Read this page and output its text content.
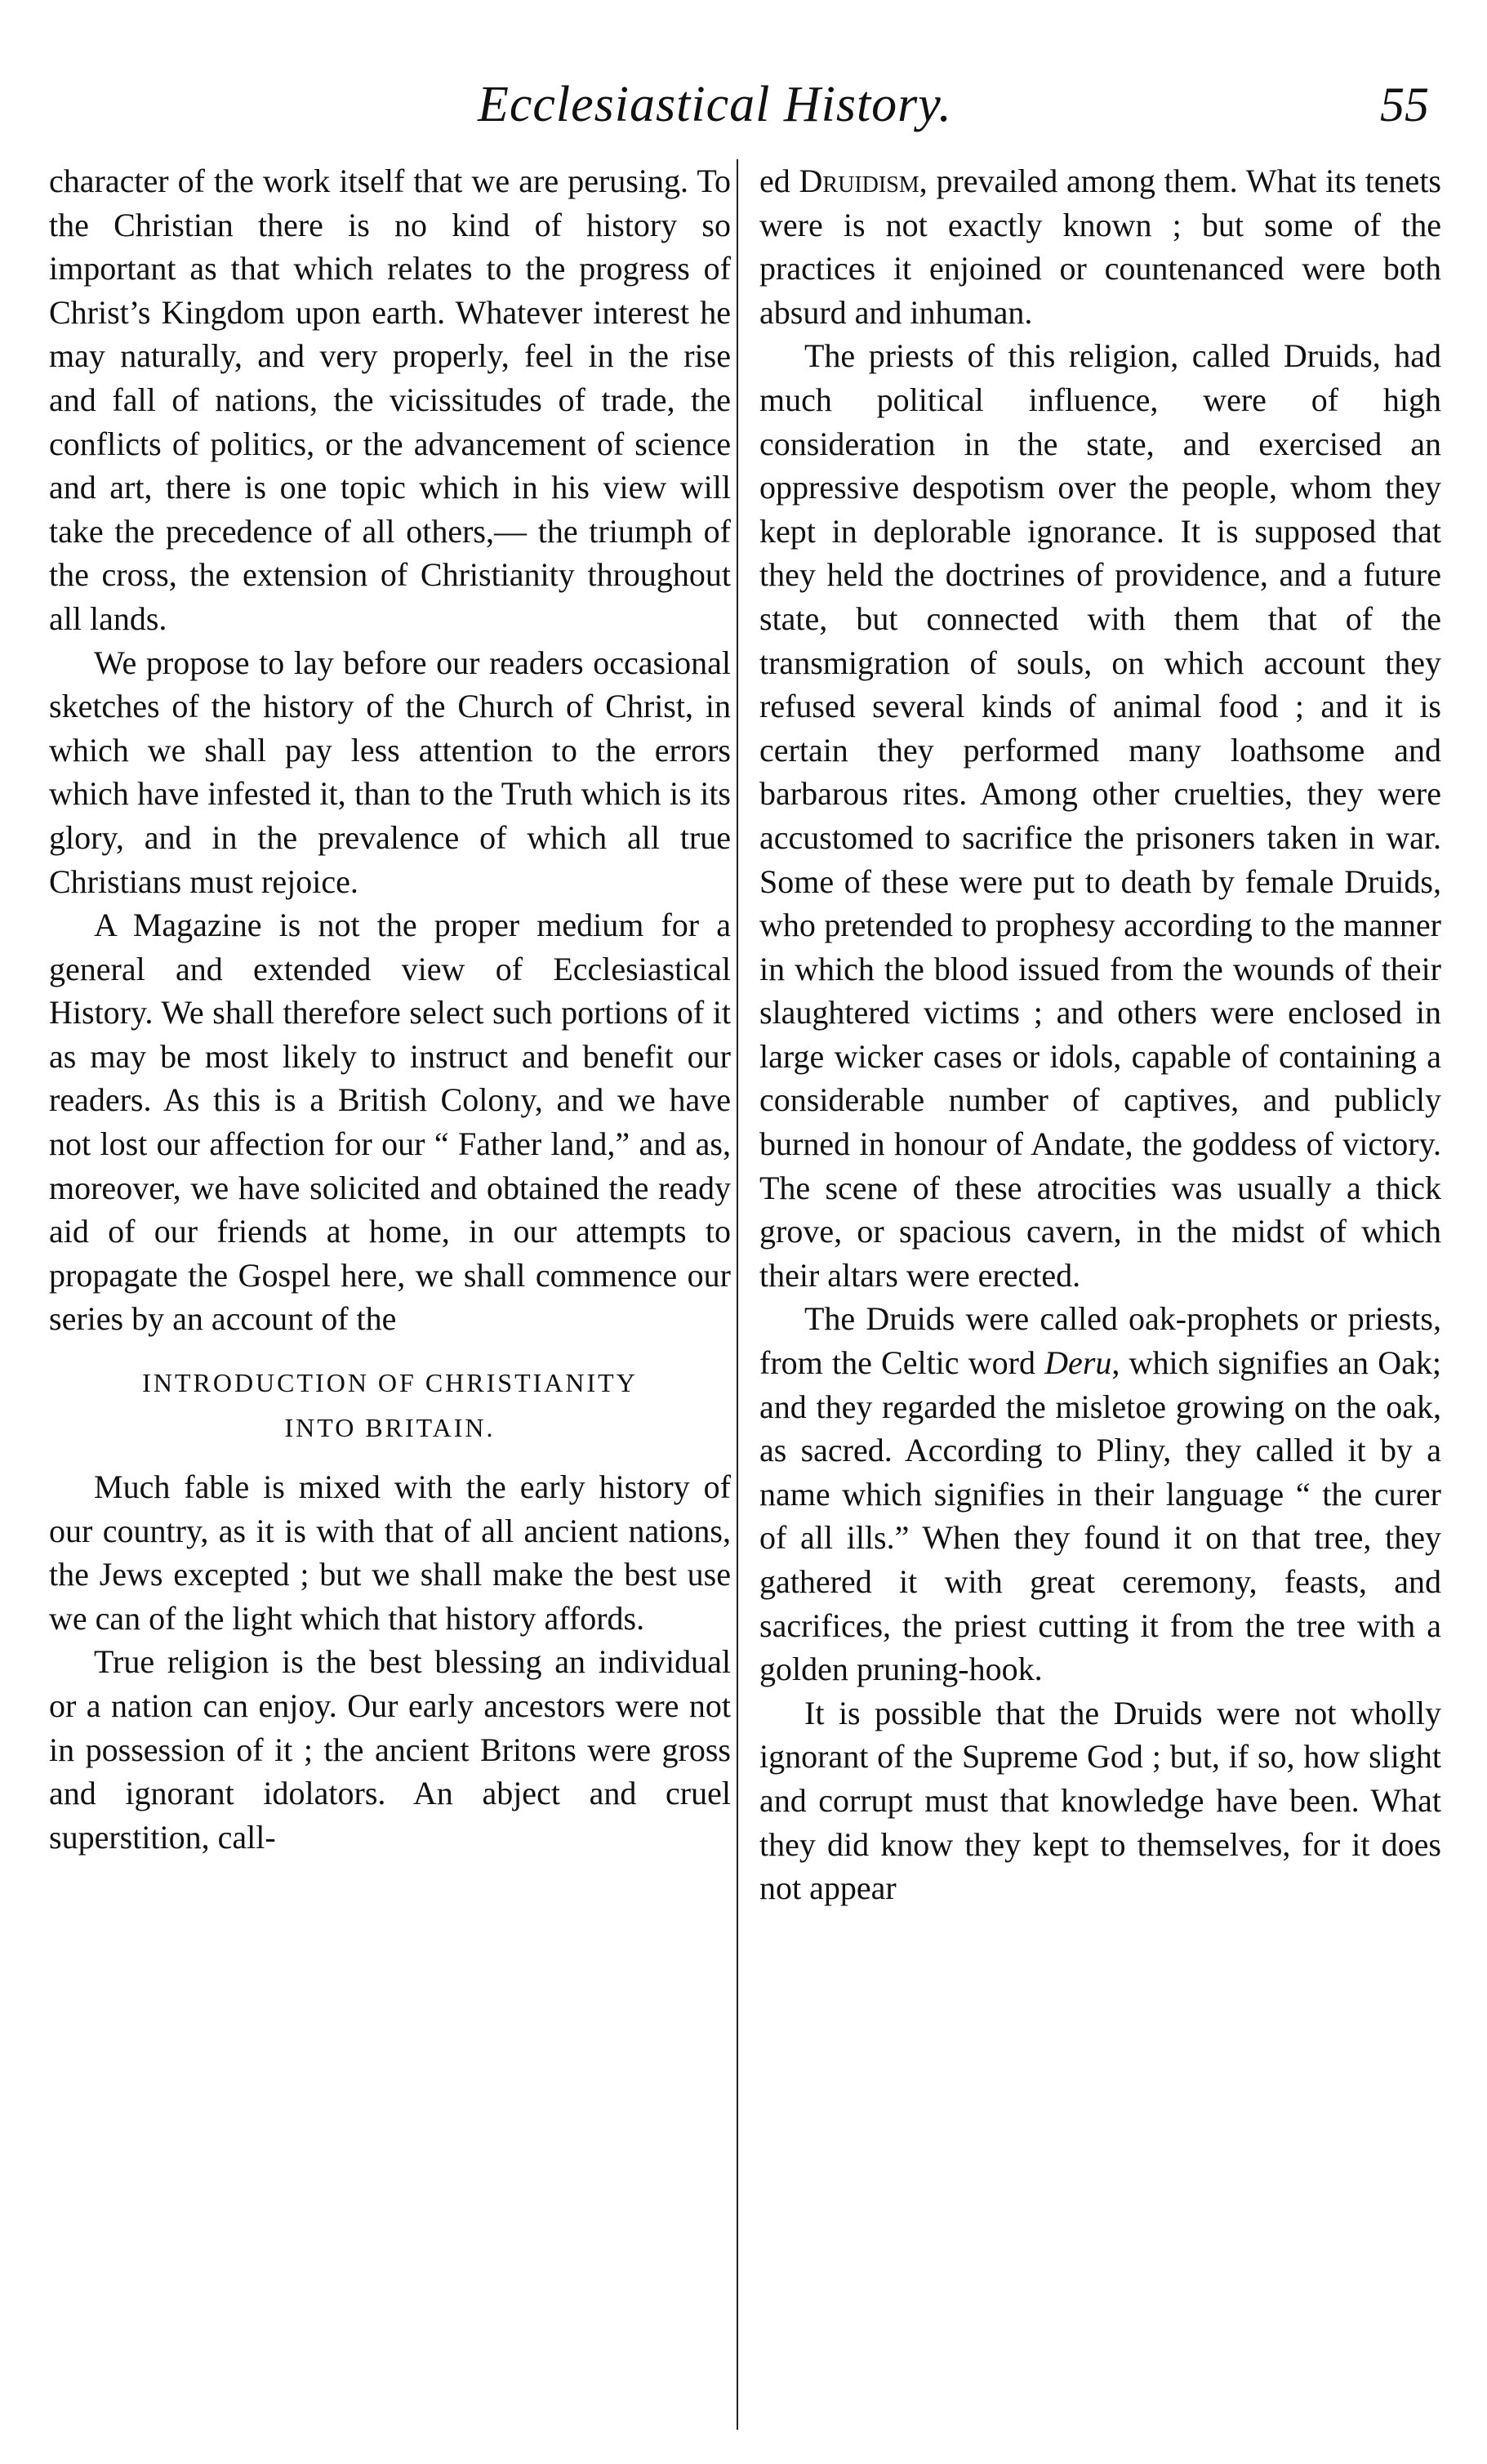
Ecclesiastical History.	55

character of the work itself that we are perusing. To the Christian there is no kind of history so important as that which relates to the progress of Christ’s Kingdom upon earth. Whatever interest he may naturally, and very properly, feel in the rise and fall of nations, the vicissitudes of trade, the conflicts of politics, or the advancement of science and art, there is one topic which in his view will take the precedence of all others,— the triumph of the cross, the extension of Christianity throughout all lands.

We propose to lay before our readers occasional sketches of the history of the Church of Christ, in which we shall pay less attention to the errors which have infested it, than to the Truth which is its glory, and in the prevalence of which all true Christians must rejoice.

A Magazine is not the proper medium for a general and extended view of Ecclesiastical History. We shall therefore select such portions of it as may be most likely to instruct and benefit our readers. As this is a British Colony, and we have not lost our affection for our “ Father land,” and as, moreover, we have solicited and obtained the ready aid of our friends at home, in our attempts to propagate the Gospel here, we shall commence our series by an account of the

INTRODUCTION OF CHRISTIANITY
INTO BRITAIN.

Much fable is mixed with the early history of our country, as it is with that of all ancient nations, the Jews excepted ; but we shall make the best use we can of the light which that history affords.

True religion is the best blessing an individual or a nation can enjoy. Our early ancestors were not in possession of it ; the ancient Britons were gross and ignorant idolators. An abject and cruel superstition, call-

ed Druidism, prevailed among them. What its tenets were is not exactly known ; but some of the practices it enjoined or countenanced were both absurd and inhuman.

The priests of this religion, called Druids, had much political influence, were of high consideration in the state, and exercised an oppressive despotism over the people, whom they kept in deplorable ignorance. It is supposed that they held the doctrines of providence, and a future state, but connected with them that of the transmigration of souls, on which account they refused several kinds of animal food ; and it is certain they performed many loathsome and barbarous rites. Among other cruelties, they were accustomed to sacrifice the prisoners taken in war. Some of these were put to death by female Druids, who pretended to prophesy according to the manner in which the blood issued from the wounds of their slaughtered victims ; and others were enclosed in large wicker cases or idols, capable of containing a considerable number of captives, and publicly burned in honour of Andate, the goddess of victory. The scene of these atrocities was usually a thick grove, or spacious cavern, in the midst of which their altars were erected.

The Druids were called oak-prophets or priests, from the Celtic word Deru, which signifies an Oak; and they regarded the misletoe growing on the oak, as sacred. According to Pliny, they called it by a name which signifies in their language “ the curer of all ills.” When they found it on that tree, they gathered it with great ceremony, feasts, and sacrifices, the priest cutting it from the tree with a golden pruning-hook.

It is possible that the Druids were not wholly ignorant of the Supreme God ; but, if so, how slight and corrupt must that knowledge have been. What they did know they kept to themselves, for it does not appear
